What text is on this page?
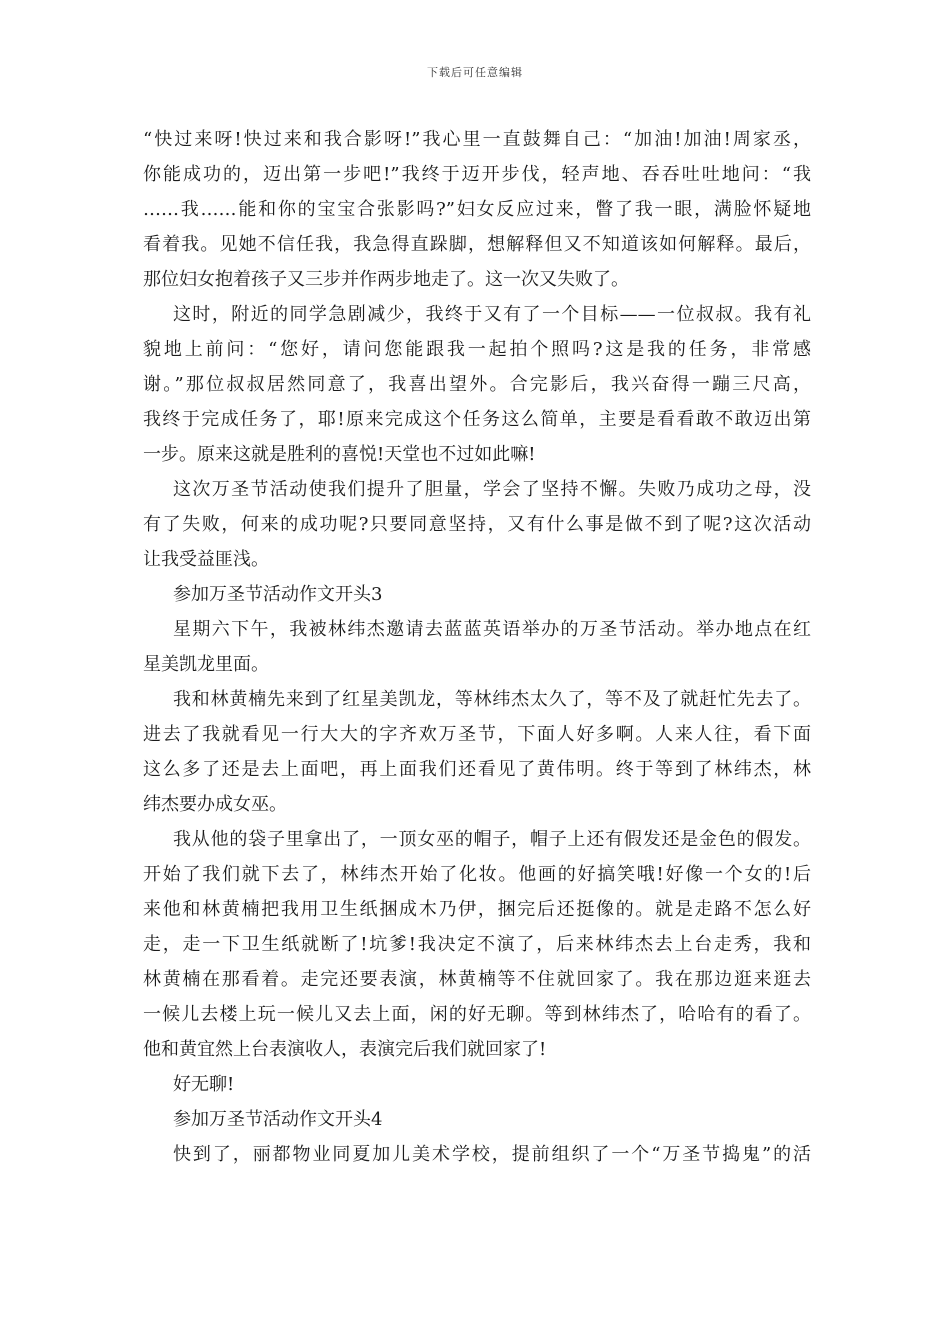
下载后可任意编辑
“快过来呀!快过来和我合影呀!”我心里一直鼓舞自己：“加油!加油!周家丞，
你能成功的，迈出第一步吧!”我终于迈开步伐，轻声地、吞吞吐吐地问：“我
……我……能和你的宝宝合张影吗?”妇女反应过来，瞥了我一眼，满脸怀疑地
看着我。见她不信任我，我急得直跺脚，想解释但又不知道该如何解释。最后，
那位妇女抱着孩子又三步并作两步地走了。这一次又失败了。
这时，附近的同学急剧减少，我终于又有了一个目标——一位叔叔。我有礼
貌地上前问：“您好，请问您能跟我一起拍个照吗?这是我的任务，非常感
谢。”那位叔叔居然同意了，我喜出望外。合完影后，我兴奋得一蹦三尺高，
我终于完成任务了，耶!原来完成这个任务这么简单，主要是看看敢不敢迈出第
一步。原来这就是胜利的喜悦!天堂也不过如此嘛!
这次万圣节活动使我们提升了胆量，学会了坚持不懈。失败乃成功之母，没
有了失败，何来的成功呢?只要同意坚持，又有什么事是做不到了呢?这次活动
让我受益匪浅。
参加万圣节活动作文开头3
星期六下午，我被林纬杰邀请去蓝蓝英语举办的万圣节活动。举办地点在红
星美凯龙里面。
我和林黄楠先来到了红星美凯龙，等林纬杰太久了，等不及了就赶忙先去了。
进去了我就看见一行大大的字齐欢万圣节，下面人好多啊。人来人往，看下面
这么多了还是去上面吧，再上面我们还看见了黄伟明。终于等到了林纬杰，林
纬杰要办成女巫。
我从他的袋子里拿出了，一顶女巫的帽子，帽子上还有假发还是金色的假发。
开始了我们就下去了，林纬杰开始了化妆。他画的好搞笑哦!好像一个女的!后
来他和林黄楠把我用卫生纸捆成木乃伊，捆完后还挺像的。就是走路不怎么好
走，走一下卫生纸就断了!坑爹!我决定不演了，后来林纬杰去上台走秀，我和
林黄楠在那看着。走完还要表演，林黄楠等不住就回家了。我在那边逛来逛去
一候儿去楼上玩一候儿又去上面，闲的好无聊。等到林纬杰了，哈哈有的看了。
他和黄宜然上台表演收人，表演完后我们就回家了!
好无聊!
参加万圣节活动作文开头4
快到了，丽都物业同夏加儿美术学校，提前组织了一个“万圣节捣鬼”的活
